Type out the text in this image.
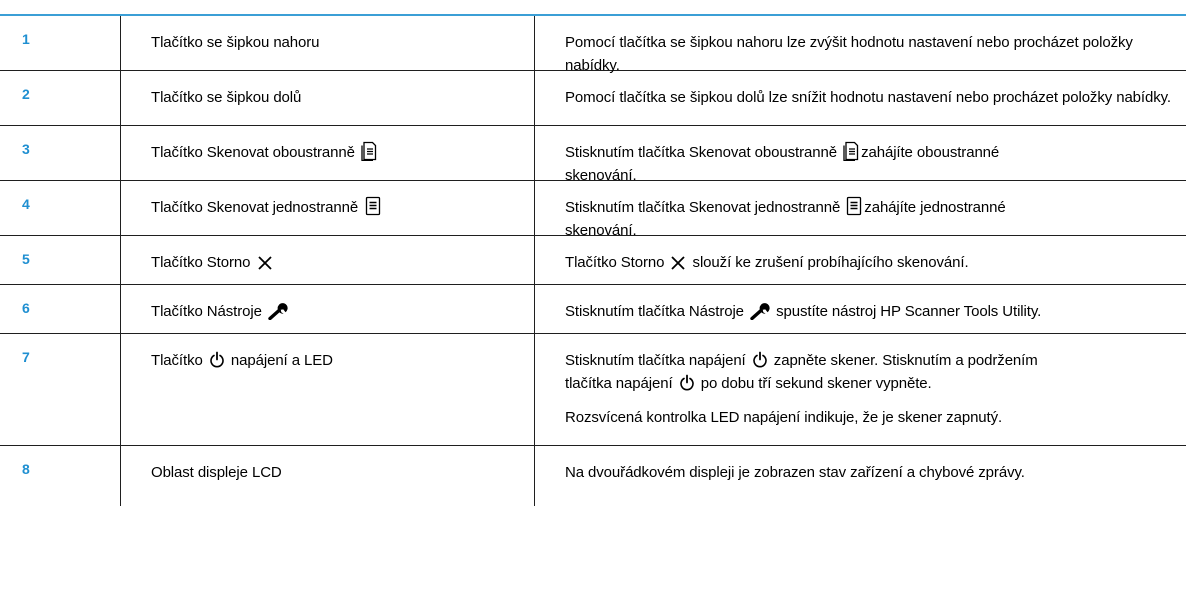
1	Tlačítko se šipkou nahoru	Pomocí tlačítka se šipkou nahoru lze zvýšit hodnotu nastavení nebo procházet položky nabídky.
2	Tlačítko se šipkou dolů	Pomocí tlačítka se šipkou dolů lze snížit hodnotu nastavení nebo procházet položky nabídky.
3	Tlačítko Skenovat oboustranně	Stisknutím tlačítka Skenovat oboustranně zahájíte oboustranné
skenování.
4	Tlačítko Skenovat jednostranně	Stisknutím tlačítka Skenovat jednostranně zahájíte jednostranné
skenování.
5	Tlačítko Storno	Tlačítko Storno slouží ke zrušení probíhajícího skenování.
6	Tlačítko Nástroje	Stisknutím tlačítka Nástroje spustíte nástroj HP Scanner Tools Utility.
7	Tlačítko napájení a LED	Stisknutím tlačítka napájení zapněte skener. Stisknutím a podržením
tlačítka napájení po dobu tří sekund skener vypněte.
Rozsvícená kontrolka LED napájení indikuje, že je skener zapnutý.
8	Oblast displeje LCD	Na dvouřádkovém displeji je zobrazen stav zařízení a chybové zprávy.
